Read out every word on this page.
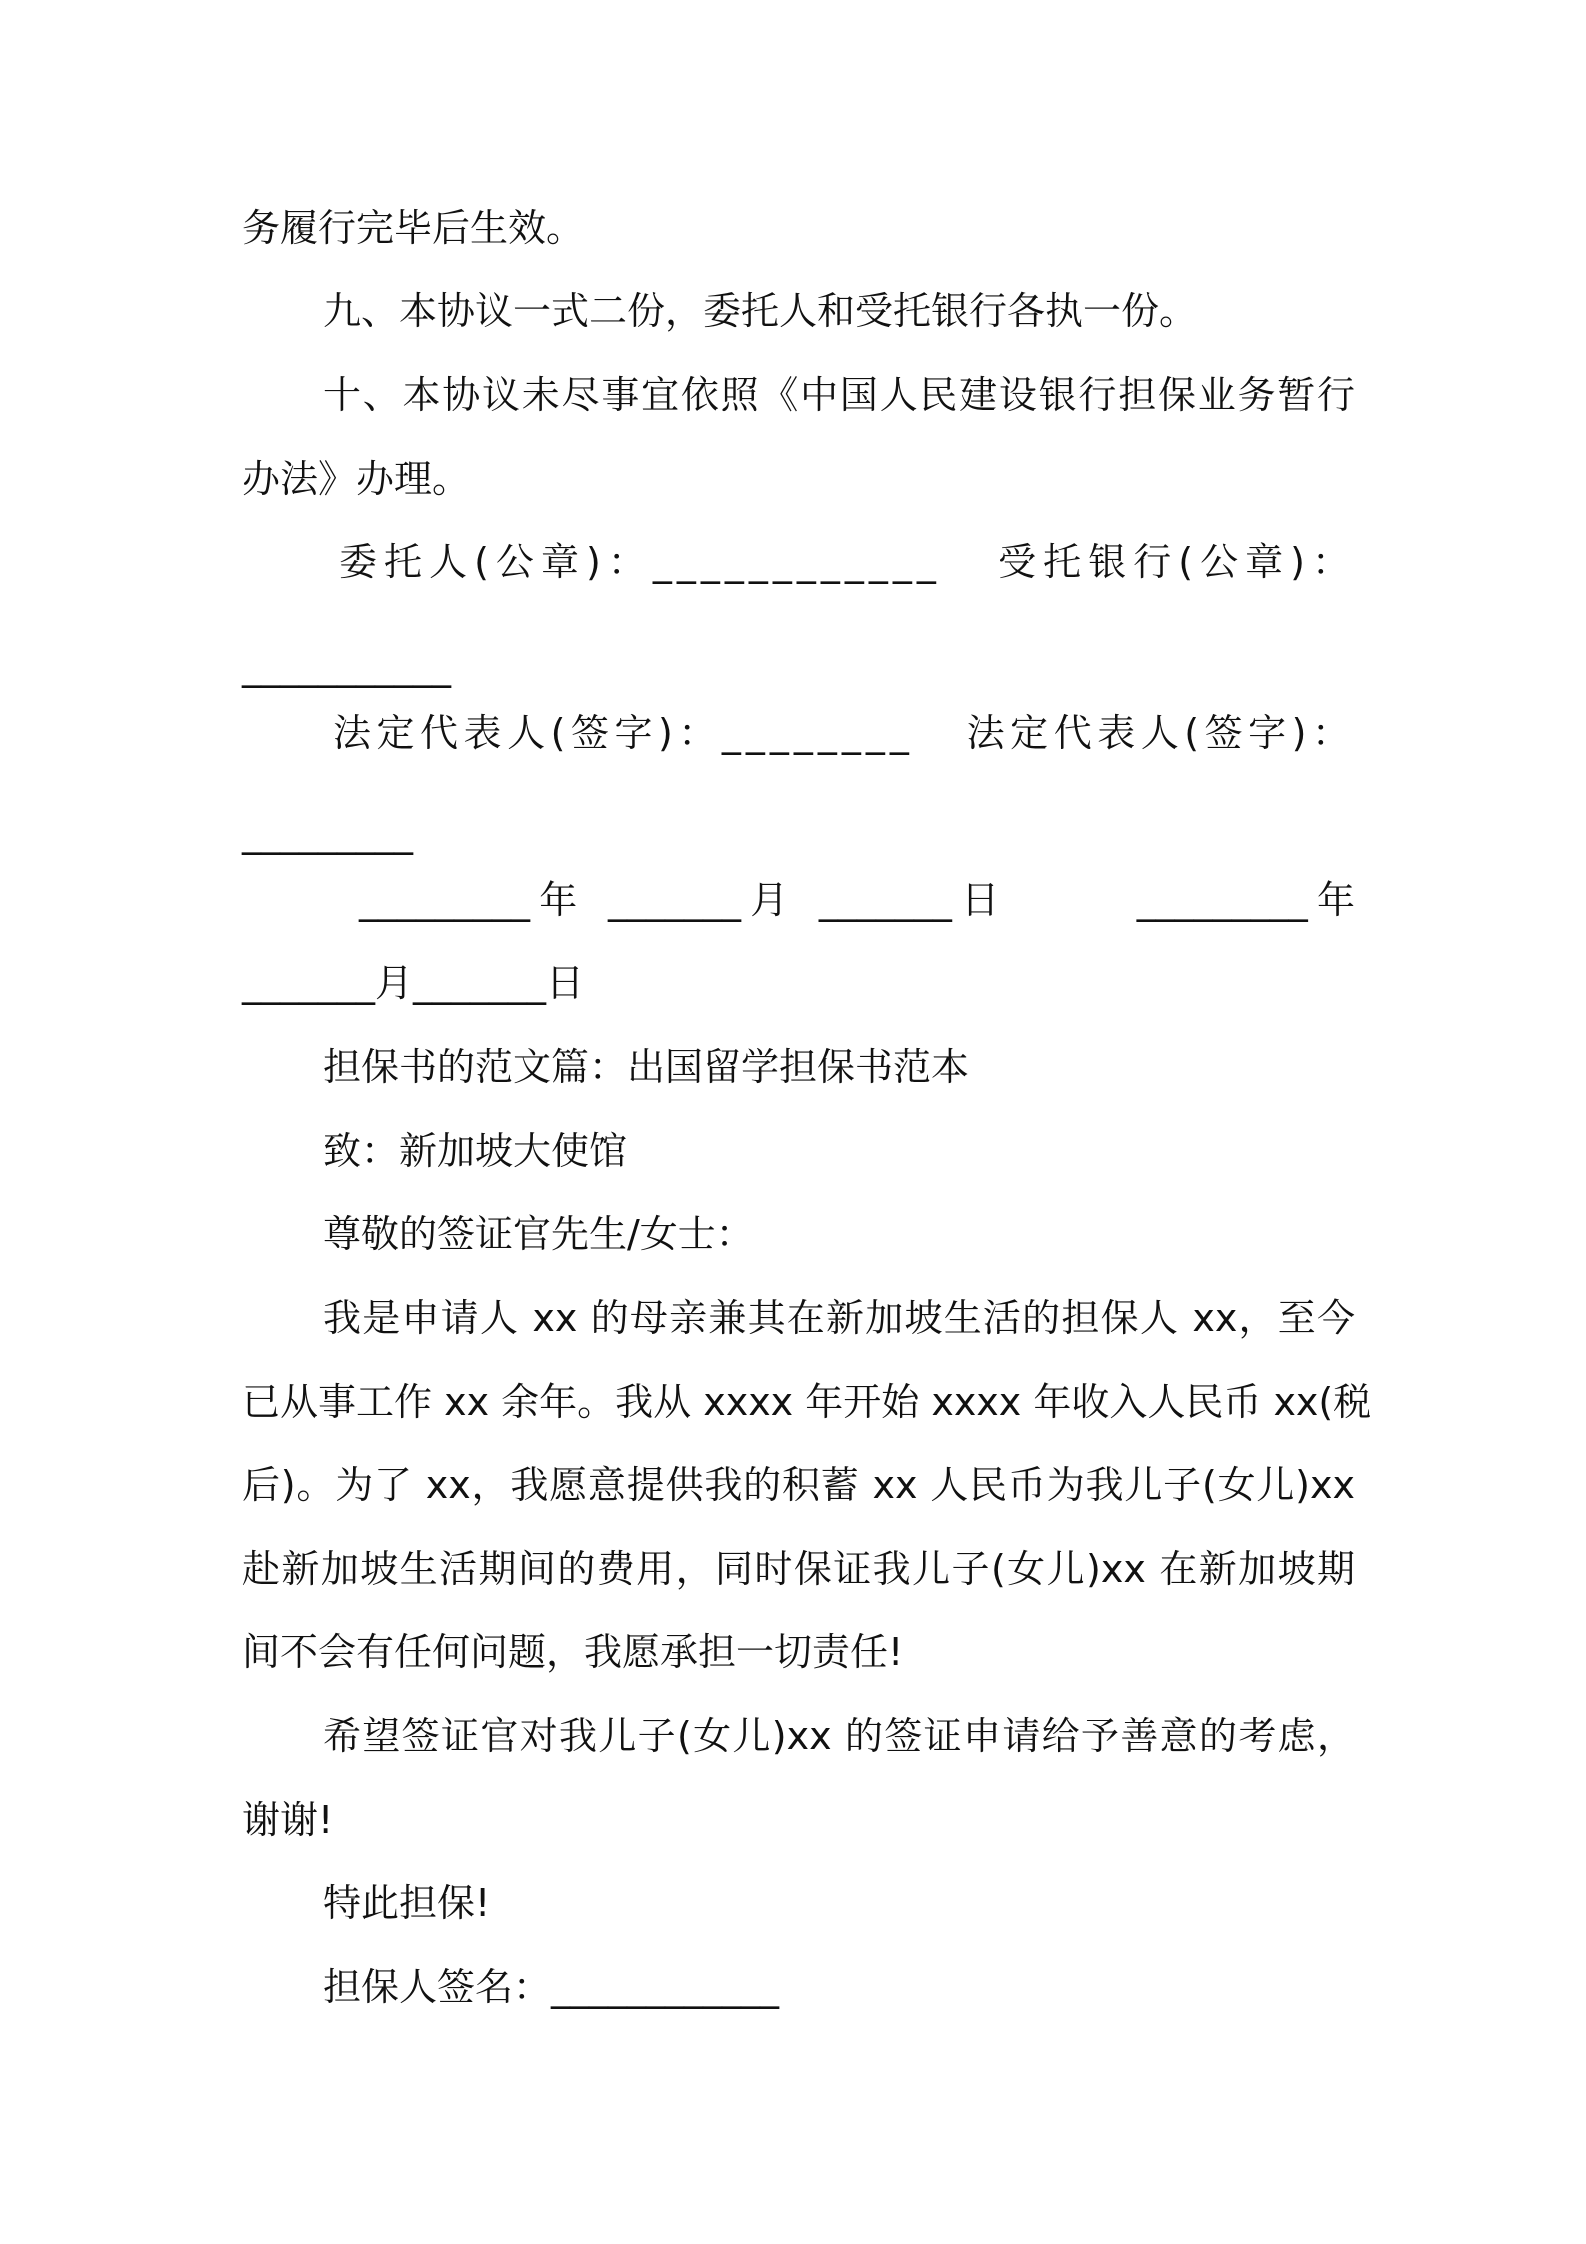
务履行完毕后生效。
九、本协议一式二份，委托人和受托银行各执一份。
十、本协议未尽事宜依照《中国人民建设银行担保业务暂行
办法》办理。
委托人(公章)：____________   受托银行(公章)：
___________
法定代表人(签字)：________   法定代表人(签字)：
_________
_________年 _______月 _______日      _________年
_______月_______日
担保书的范文篇：出国留学担保书范本
致：新加坡大使馆
尊敬的签证官先生/女士：
我是申请人 xx 的母亲兼其在新加坡生活的担保人 xx，至今
已从事工作 xx 余年。我从 xxxx 年开始 xxxx 年收入人民币 xx(税
后)。为了 xx，我愿意提供我的积蓄 xx 人民币为我儿子(女儿)xx
赴新加坡生活期间的费用，同时保证我儿子(女儿)xx 在新加坡期
间不会有任何问题，我愿承担一切责任!
希望签证官对我儿子(女儿)xx 的签证申请给予善意的考虑，
谢谢!
特此担保!
担保人签名：____________
